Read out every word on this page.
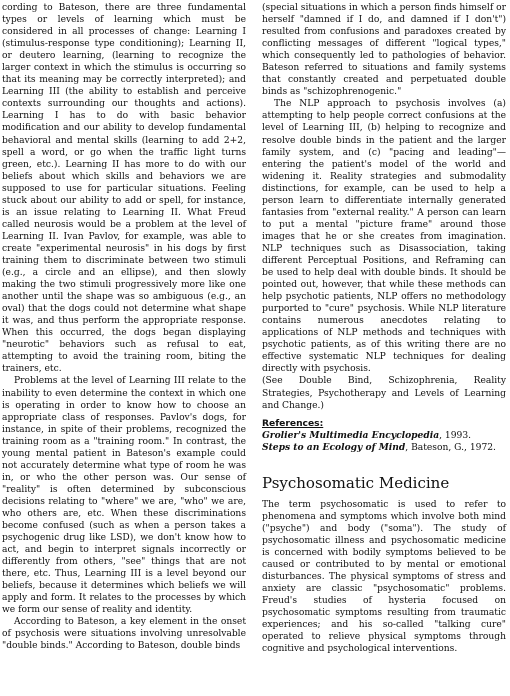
cording to Bateson, there are three fundamental types or levels of learning which must be considered in all processes of change: Learning I (stimulus-response type conditioning); Learning II, or deutero learning, (learning to recognize the larger context in which the stimulus is occurring so that its meaning may be correctly interpreted); and Learning III (the ability to establish and perceive contexts surrounding our thoughts and actions). Learning I has to do with basic behavior modification and our ability to develop fundamental behavioral and mental skills (learning to add 2+2, spell a word, or go when the traffic light turns green, etc.). Learning II has more to do with our beliefs about which skills and behaviors we are supposed to use for particular situations. Feeling stuck about our ability to add or spell, for instance, is an issue relating to Learning II. What Freud called neurosis would be a problem at the level of Learning II. Ivan Pavlov, for example, was able to create "experimental neurosis" in his dogs by first training them to discriminate between two stimuli (e.g., a circle and an ellipse), and then slowly making the two stimuli progressively more like one another until the shape was so ambiguous (e.g., an oval) that the dogs could not determine what shape it was, and thus perform the appropriate response. When this occurred, the dogs began displaying "neurotic" behaviors such as refusal to eat, attempting to avoid the training room, biting the trainers, etc.

Problems at the level of Learning III relate to the inability to even determine the context in which one is operating in order to know how to choose an appropriate class of responses. Pavlov's dogs, for instance, in spite of their problems, recognized the training room as a "training room." In contrast, the young mental patient in Bateson's example could not accurately determine what type of room he was in, or who the other person was. Our sense of "reality" is often determined by subconscious decisions relating to "where" we are, "who" we are, who others are, etc. When these discriminations become confused (such as when a person takes a psychogenic drug like LSD), we don't know how to act, and begin to interpret signals incorrectly or differently from others, "see" things that are not there, etc. Thus, Learning III is a level beyond our beliefs, because it determines which beliefs we will apply and form. It relates to the processes by which we form our sense of reality and identity.

According to Bateson, a key element in the onset of psychosis were situations involving unresolvable "double binds." According to Bateson, double binds

(special situations in which a person finds himself or herself "damned if I do, and damned if I don't") resulted from confusions and paradoxes created by conflicting messages of different "logical types," which consequently led to pathologies of behavior. Bateson referred to situations and family systems that constantly created and perpetuated double binds as "schizophrenogenic."

The NLP approach to psychosis involves (a) attempting to help people correct confusions at the level of Learning III, (b) helping to recognize and resolve double binds in the patient and the larger family system, and (c) "pacing and leading"—entering the patient's model of the world and widening it. Reality strategies and submodality distinctions, for example, can be used to help a person learn to differentiate internally generated fantasies from "external reality." A person can learn to put a mental "picture frame" around those images that he or she creates from imagination. NLP techniques such as Disassociation, taking different Perceptual Positions, and Reframing can be used to help deal with double binds. It should be pointed out, however, that while these methods can help psychotic patients, NLP offers no methodology purported to "cure" psychosis. While NLP literature contains numerous anecdotes relating to applications of NLP methods and techniques with psychotic patients, as of this writing there are no effective systematic NLP techniques for dealing directly with psychosis.

(See Double Bind, Schizophrenia, Reality Strategies, Psychotherapy and Levels of Learning and Change.)

References:

Grolier's Multimedia Encyclopedia, 1993.

Steps to an Ecology of Mind, Bateson, G., 1972.

Psychosomatic Medicine

The term psychosomatic is used to refer to phenomena and symptoms which involve both mind ("psyche") and body ("soma"). The study of psychosomatic illness and psychosomatic medicine is concerned with bodily symptoms believed to be caused or contributed to by mental or emotional disturbances. The physical symptoms of stress and anxiety are classic "psychosomatic" problems. Freud's studies of hysteria focused on psychosomatic symptoms resulting from traumatic experiences; and his so-called "talking cure" operated to relieve physical symptoms through cognitive and psychological interventions.
